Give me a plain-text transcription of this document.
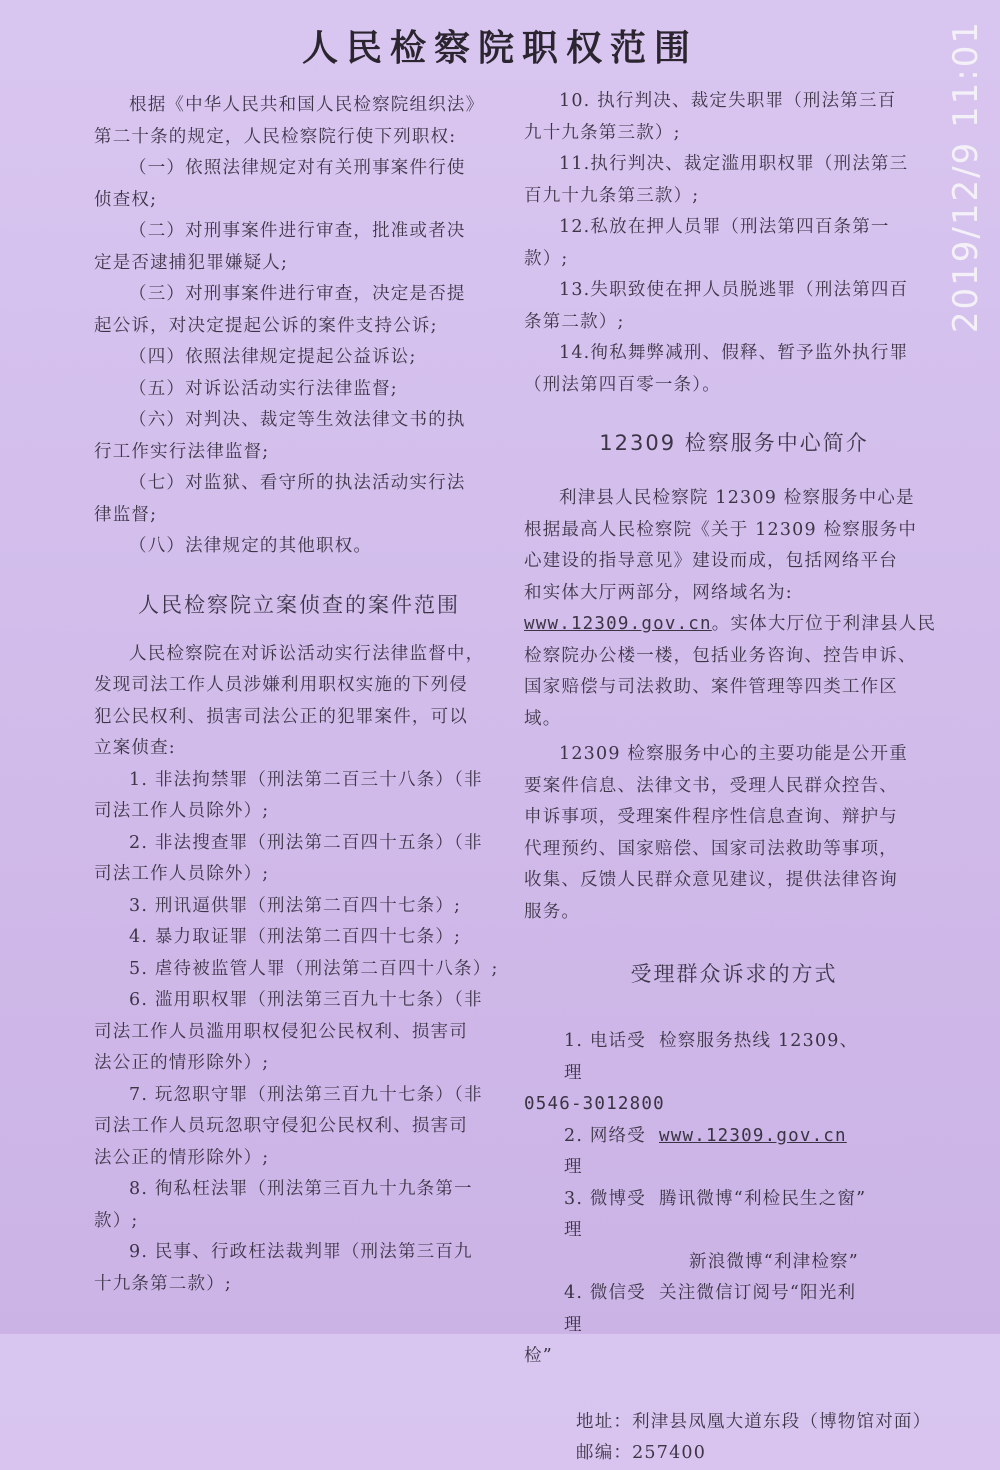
人民检察院职权范围	2019/12/9 11:01

根据《中华人民共和国人民检察院组织法》

第二十条的规定，人民检察院行使下列职权:

（一）依照法律规定对有关刑事案件行使

侦查权;

（二）对刑事案件进行审查，批准或者决

定是否逮捕犯罪嫌疑人;

（三）对刑事案件进行审查，决定是否提

起公诉，对决定提起公诉的案件支持公诉;

（四）依照法律规定提起公益诉讼;

（五）对诉讼活动实行法律监督;

（六）对判决、裁定等生效法律文书的执

行工作实行法律监督;

（七）对监狱、看守所的执法活动实行法

律监督;

（八）法律规定的其他职权。

人民检察院立案侦查的案件范围

人民检察院在对诉讼活动实行法律监督中，

发现司法工作人员涉嫌利用职权实施的下列侵

犯公民权利、损害司法公正的犯罪案件，可以

立案侦查:

1. 非法拘禁罪（刑法第二百三十八条）（非

司法工作人员除外）;

2. 非法搜查罪（刑法第二百四十五条）（非

司法工作人员除外）;

3. 刑讯逼供罪（刑法第二百四十七条）;

4. 暴力取证罪（刑法第二百四十七条）;

5. 虐待被监管人罪（刑法第二百四十八条）;

6. 滥用职权罪（刑法第三百九十七条）（非

司法工作人员滥用职权侵犯公民权利、损害司

法公正的情形除外）;

7. 玩忽职守罪（刑法第三百九十七条）（非

司法工作人员玩忽职守侵犯公民权利、损害司

法公正的情形除外）;

8. 徇私枉法罪（刑法第三百九十九条第一

款）;

9. 民事、行政枉法裁判罪（刑法第三百九

十九条第二款）;

10. 执行判决、裁定失职罪（刑法第三百

九十九条第三款）;

11.执行判决、裁定滥用职权罪（刑法第三

百九十九条第三款）;

12.私放在押人员罪（刑法第四百条第一

款）;

13.失职致使在押人员脱逃罪（刑法第四百

条第二款）;

14.徇私舞弊减刑、假释、暂予监外执行罪

（刑法第四百零一条）。

12309 检察服务中心简介

利津县人民检察院 12309 检察服务中心是

根据最高人民检察院《关于 12309 检察服务中

心建设的指导意见》建设而成，包括网络平台

和实体大厅两部分，网络域名为:

www.12309.gov.cn。实体大厅位于利津县人民

检察院办公楼一楼，包括业务咨询、控告申诉、

国家赔偿与司法救助、案件管理等四类工作区

域。

12309 检察服务中心的主要功能是公开重

要案件信息、法律文书，受理人民群众控告、

申诉事项，受理案件程序性信息查询、辩护与

代理预约、国家赔偿、国家司法救助等事项，

收集、反馈人民群众意见建议，提供法律咨询

服务。

受理群众诉求的方式

1. 电话受理
检察服务热线 12309、
0546-3012800
2. 网络受理
www.12309.gov.cn
3. 微博受理
腾讯微博“利检民生之窗”
新浪微博“利津检察”
4. 微信受理
关注微信订阅号“阳光利
检”

地址：利津县凤凰大道东段（博物馆对面）

邮编：257400
